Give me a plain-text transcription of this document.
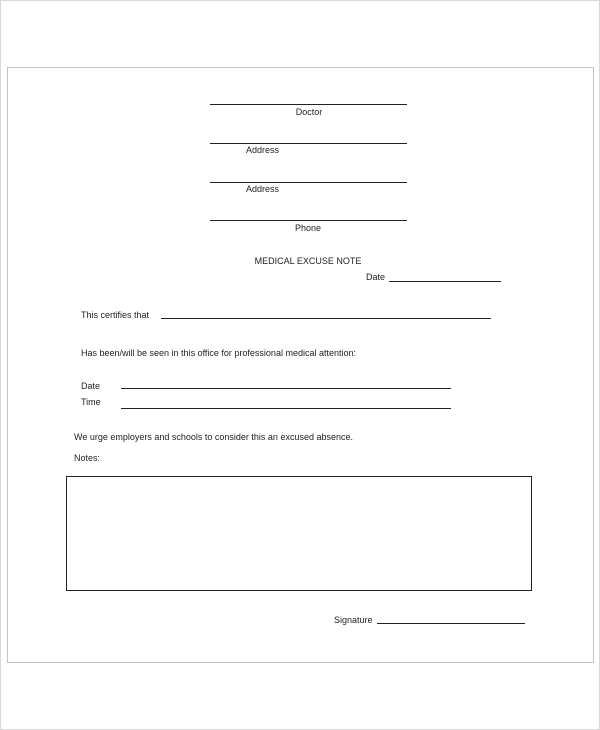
Doctor
Address
Address
Phone
MEDICAL EXCUSE NOTE
Date
This certifies that
Has been/will be seen in this office for professional medical attention:
Date
Time
We urge employers and schools to consider this an excused absence.
Notes:
Signature
